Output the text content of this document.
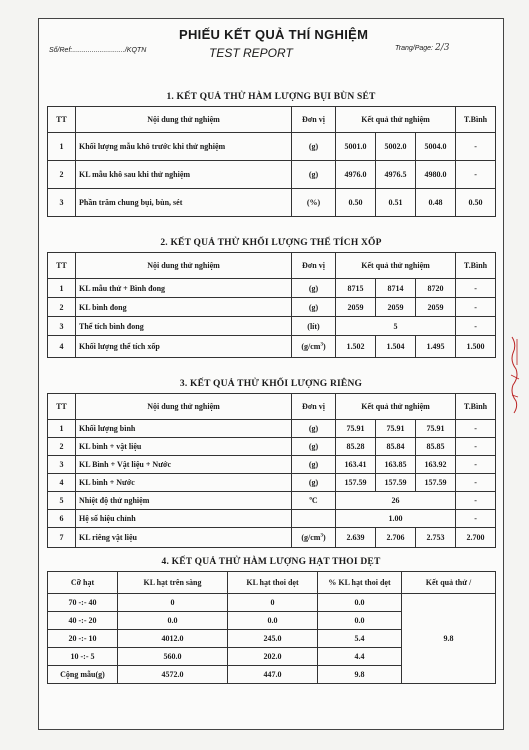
Số/Ref:.........................../KQTN
PHIẾU KẾT QUẢ THÍ NGHIỆM
TEST REPORT	Trang/Page: 2/3
1. KẾT QUẢ THỬ HÀM LƯỢNG BỤI BÙN SÉT
TT	Nội dung thử nghiệm	Đơn vị	Kết quả thử nghiệm			T.Bình
1	Khối lượng mẫu khô trước khi thử nghiệm	(g)	5001.0	5002.0	5004.0	-
2	KL mẫu khô sau khi thử nghiệm	(g)	4976.0	4976.5	4980.0	-
3	Phần trăm chung bụi, bùn, sét	(%)	0.50	0.51	0.48	0.50
2. KẾT QUẢ THỬ KHỐI LƯỢNG THỂ TÍCH XỐP
TT	Nội dung thử nghiệm	Đơn vị	Kết quả thử nghiệm			T.Bình
1	KL mẫu thử + Bình đong	(g)	8715	8714	8720	-
2	KL bình đong	(g)	2059	2059	2059	-
3	Thể tích bình đong	(lít)	5			-
4	Khối lượng thể tích xốp	$(g/cm^3)$	1.502	1.504	1.495	1.500
3. KẾT QUẢ THỬ KHỐI LƯỢNG RIÊNG
TT	Nội dung thử nghiệm	Đơn vị	Kết quả thử nghiệm			T.Bình
1	Khối lượng bình	(g)	75.91	75.91	75.91	-
2	KL bình + vật liệu	(g)	85.28	85.84	85.85	-
3	KL Bình + Vật liệu + Nước	(g)	163.41	163.85	163.92	-
4	KL bình + Nước	(g)	157.59	157.59	157.59	-
5	Nhiệt độ thử nghiệm	$^o$C	26			-
6	Hệ số hiệu chỉnh		1.00			-
7	KL riêng vật liệu	$(g/cm^3)$	2.639	2.706	2.753	2.700
4. KẾT QUẢ THỬ HÀM LƯỢNG HẠT THOI DẸT
Cỡ hạt	KL hạt trên sàng	KL hạt thoi dẹt	% KL hạt thoi dẹt	Kết quả thử /
70 -:- 40	0	0	0.0	9.8
40 -:- 20	0.0	0.0	0.0	
20 -:- 10	4012.0	245.0	5.4	
10 -:- 5	560.0	202.0	4.4	
Cộng mẫu(g)	4572.0	447.0	9.8	
